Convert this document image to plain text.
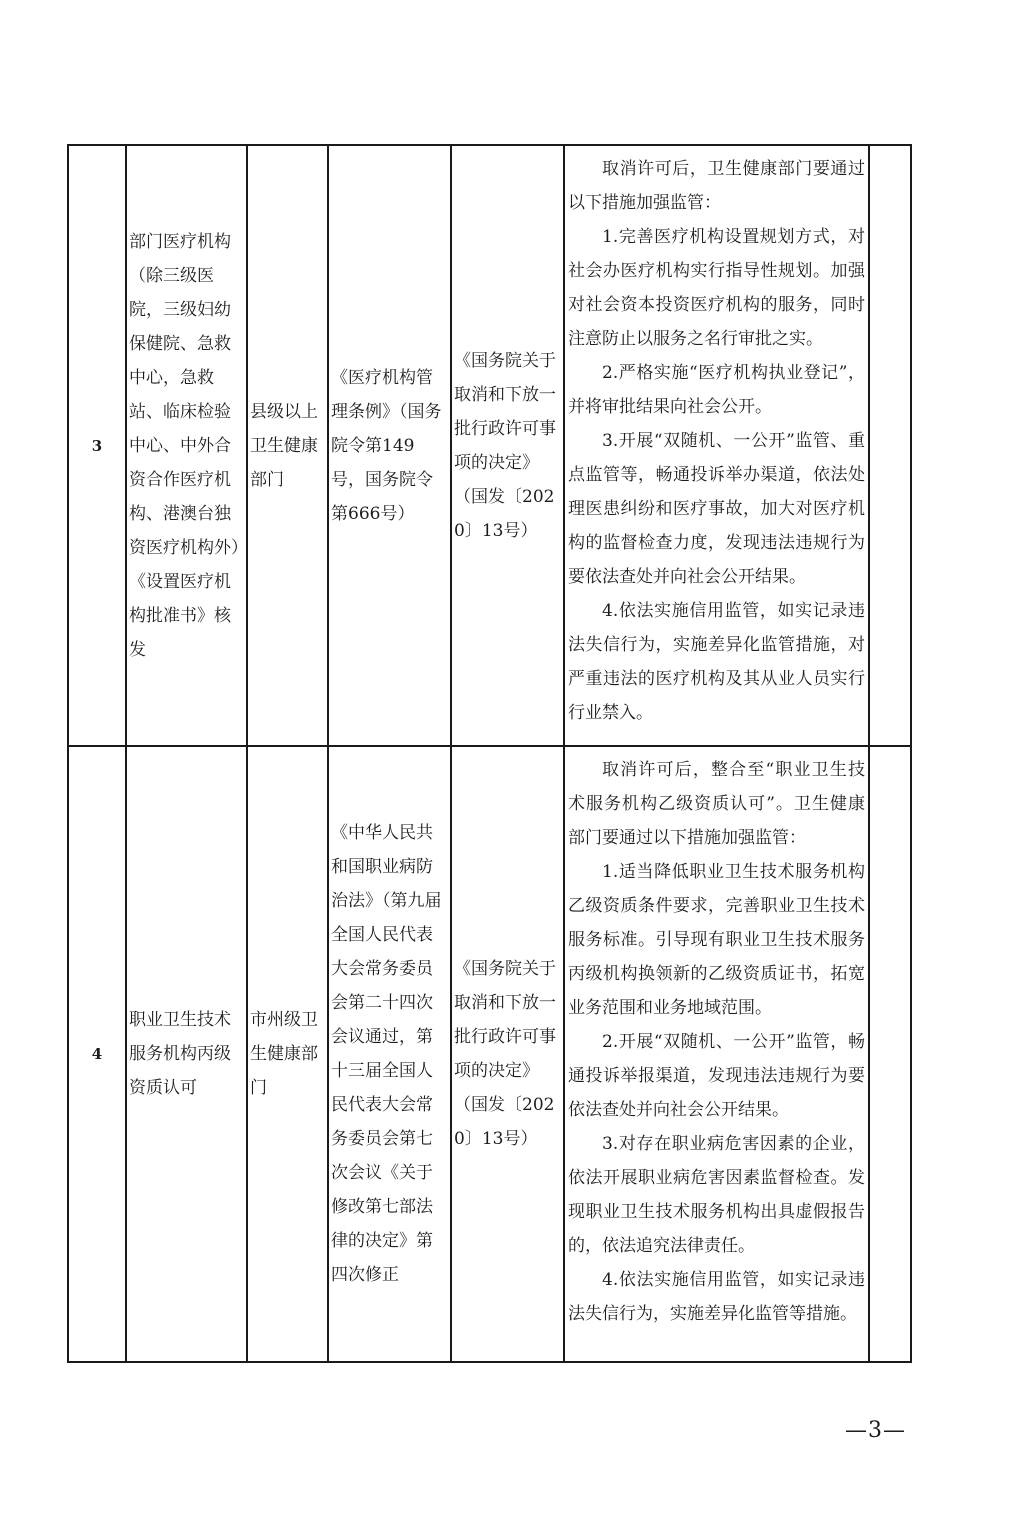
3	部门医疗机构（除三级医院，三级妇幼保健院、急救中心，急救站、临床检验中心、中外合资合作医疗机构、港澳台独资医疗机构外）《设置医疗机构批准书》核发	县级以上卫生健康部门	《医疗机构管理条例》（国务院令第149号，国务院令第666号）	《国务院关于取消和下放一批行政许可事项的决定》（国发〔2020〕13号）	取消许可后，卫生健康部门要通过以下措施加强监管：

1.完善医疗机构设置规划方式，对社会办医疗机构实行指导性规划。加强对社会资本投资医疗机构的服务，同时注意防止以服务之名行审批之实。

2.严格实施“医疗机构执业登记”，并将审批结果向社会公开。

3.开展“双随机、一公开”监管、重点监管等，畅通投诉举办渠道，依法处理医患纠纷和医疗事故，加大对医疗机构的监督检查力度，发现违法违规行为要依法查处并向社会公开结果。

4.依法实施信用监管，如实记录违法失信行为，实施差异化监管措施，对严重违法的医疗机构及其从业人员实行行业禁入。	

4	职业卫生技术服务机构丙级资质认可	市州级卫生健康部门	《中华人民共和国职业病防治法》（第九届全国人民代表大会常务委员会第二十四次会议通过，第十三届全国人民代表大会常务委员会第七次会议《关于修改第七部法律的决定》第四次修正	《国务院关于取消和下放一批行政许可事项的决定》（国发〔2020〕13号）	取消许可后，整合至“职业卫生技术服务机构乙级资质认可”。卫生健康部门要通过以下措施加强监管：

1.适当降低职业卫生技术服务机构乙级资质条件要求，完善职业卫生技术服务标准。引导现有职业卫生技术服务丙级机构换领新的乙级资质证书，拓宽业务范围和业务地域范围。

2.开展“双随机、一公开”监管，畅通投诉举报渠道，发现违法违规行为要依法查处并向社会公开结果。

3.对存在职业病危害因素的企业，依法开展职业病危害因素监督检查。发现职业卫生技术服务机构出具虚假报告的，依法追究法律责任。

4.依法实施信用监管，如实记录违法失信行为，实施差异化监管等措施。	

—3—
